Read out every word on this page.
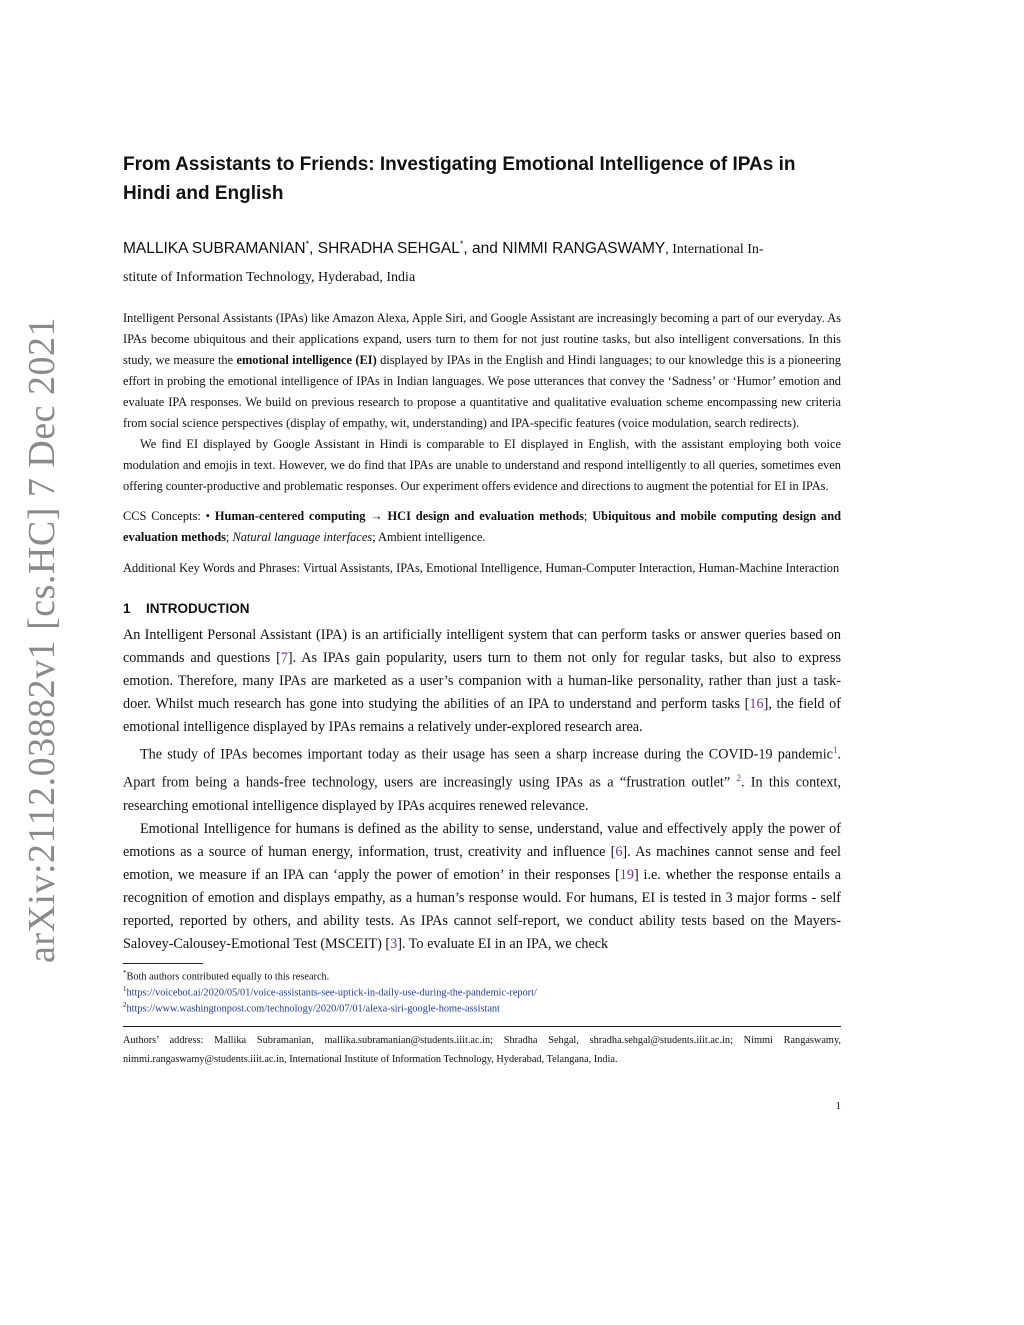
arXiv:2112.03882v1 [cs.HC] 7 Dec 2021
From Assistants to Friends: Investigating Emotional Intelligence of IPAs in Hindi and English

MALLIKA SUBRAMANIAN*, SHRADHA SEHGAL*, and NIMMI RANGASWAMY, International In-
stitute of Information Technology, Hyderabad, India

Intelligent Personal Assistants (IPAs) like Amazon Alexa, Apple Siri, and Google Assistant are increasingly becoming a part of our everyday. As IPAs become ubiquitous and their applications expand, users turn to them for not just routine tasks, but also intelligent conversations. In this study, we measure the emotional intelligence (EI) displayed by IPAs in the English and Hindi languages; to our knowledge this is a pioneering effort in probing the emotional intelligence of IPAs in Indian languages. We pose utterances that convey the ‘Sadness’ or ‘Humor’ emotion and evaluate IPA responses. We build on previous research to propose a quantitative and qualitative evaluation scheme encompassing new criteria from social science perspectives (display of empathy, wit, understanding) and IPA-specific features (voice modulation, search redirects).

We find EI displayed by Google Assistant in Hindi is comparable to EI displayed in English, with the assistant employing both voice modulation and emojis in text. However, we do find that IPAs are unable to understand and respond intelligently to all queries, sometimes even offering counter-productive and problematic responses. Our experiment offers evidence and directions to augment the potential for EI in IPAs.

CCS Concepts: • Human-centered computing → HCI design and evaluation methods; Ubiquitous and mobile computing design and evaluation methods; Natural language interfaces; Ambient intelligence.

Additional Key Words and Phrases: Virtual Assistants, IPAs, Emotional Intelligence, Human-Computer Interaction, Human-Machine Interaction

1 INTRODUCTION

An Intelligent Personal Assistant (IPA) is an artificially intelligent system that can perform tasks or answer queries based on commands and questions [7]. As IPAs gain popularity, users turn to them not only for regular tasks, but also to express emotion. Therefore, many IPAs are marketed as a user’s companion with a human-like personality, rather than just a task-doer. Whilst much research has gone into studying the abilities of an IPA to understand and perform tasks [16], the field of emotional intelligence displayed by IPAs remains a relatively under-explored research area.

The study of IPAs becomes important today as their usage has seen a sharp increase during the COVID-19 pandemic$^1$. Apart from being a hands-free technology, users are increasingly using IPAs as a “frustration outlet” $^2$. In this context, researching emotional intelligence displayed by IPAs acquires renewed relevance.

Emotional Intelligence for humans is defined as the ability to sense, understand, value and effectively apply the power of emotions as a source of human energy, information, trust, creativity and influence [6]. As machines cannot sense and feel emotion, we measure if an IPA can ‘apply the power of emotion’ in their responses [19] i.e. whether the response entails a recognition of emotion and displays empathy, as a human’s response would. For humans, EI is tested in 3 major forms - self reported, reported by others, and ability tests. As IPAs cannot self-report, we conduct ability tests based on the Mayers-Salovey-Calousey-Emotional Test (MSCEIT) [3]. To evaluate EI in an IPA, we check

*Both authors contributed equally to this research.

$^1$https://voicebot.ai/2020/05/01/voice-assistants-see-uptick-in-daily-use-during-the-pandemic-report/

$^2$https://www.washingtonpost.com/technology/2020/07/01/alexa-siri-google-home-assistant

Authors’ address: Mallika Subramanian, mallika.subramanian@students.iiit.ac.in; Shradha Sehgal, shradha.sehgal@students.iiit.ac.in; Nimmi Rangaswamy, nimmi.rangaswamy@students.iiit.ac.in, International Institute of Information Technology, Hyderabad, Telangana, India.

1
